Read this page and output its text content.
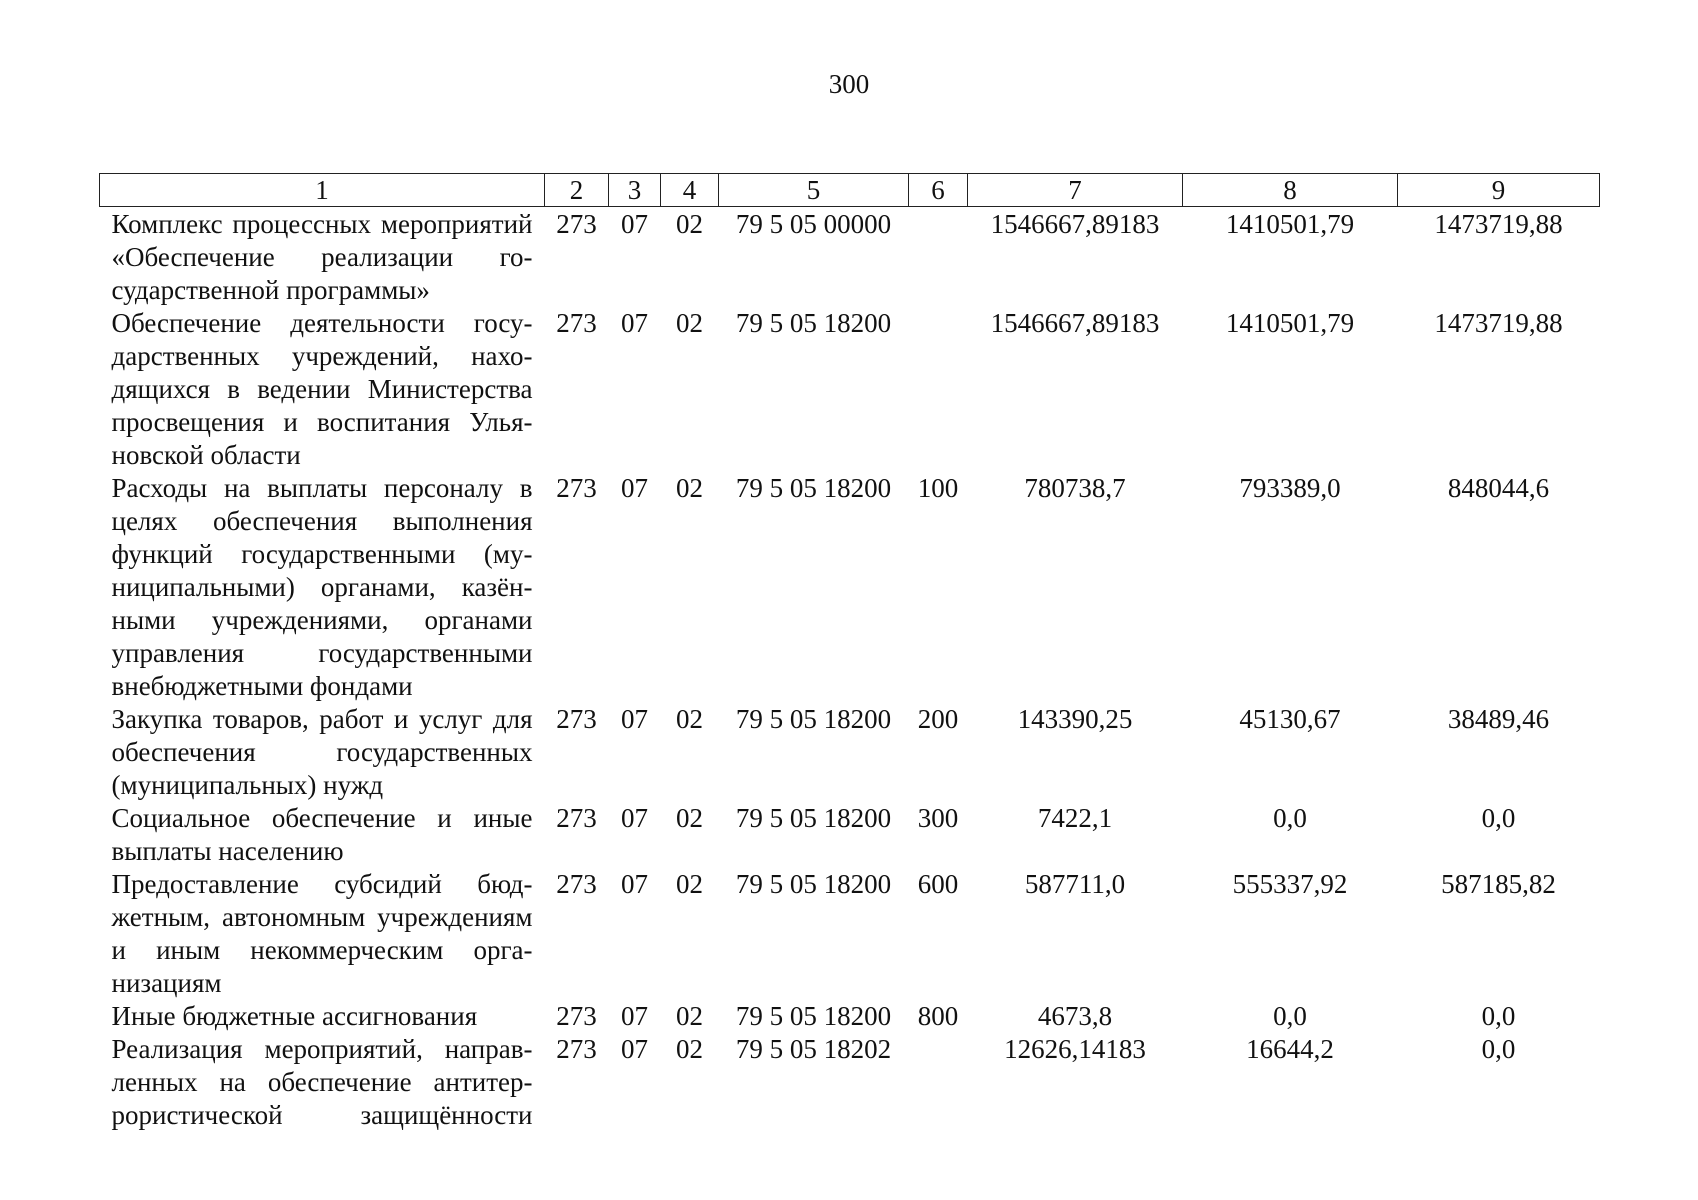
300
1	2	3	4	5	6	7	8	9
Комплекс процессных мероприятий «Обеспечение реализации государственной программы»	273	07	02	79 5 05 00000		1546667,89183	1410501,79	1473719,88
Обеспечение деятельности государственных учреждений, находящихся в ведении Министерства просвещения и воспитания Ульяновской области	273	07	02	79 5 05 18200		1546667,89183	1410501,79	1473719,88
Расходы на выплаты персоналу в целях обеспечения выполнения функций государственными (муниципальными) органами, казёнными учреждениями, органами управления государственными внебюджетными фондами	273	07	02	79 5 05 18200	100	780738,7	793389,0	848044,6
Закупка товаров, работ и услуг для обеспечения государственных (муниципальных) нужд	273	07	02	79 5 05 18200	200	143390,25	45130,67	38489,46
Социальное обеспечение и иные выплаты населению	273	07	02	79 5 05 18200	300	7422,1	0,0	0,0
Предоставление субсидий бюджетным, автономным учреждениям и иным некоммерческим организациям	273	07	02	79 5 05 18200	600	587711,0	555337,92	587185,82
Иные бюджетные ассигнования	273	07	02	79 5 05 18200	800	4673,8	0,0	0,0
Реализация мероприятий, направленных на обеспечение антитеррористической защищённости	273	07	02	79 5 05 18202		12626,14183	16644,2	0,0
